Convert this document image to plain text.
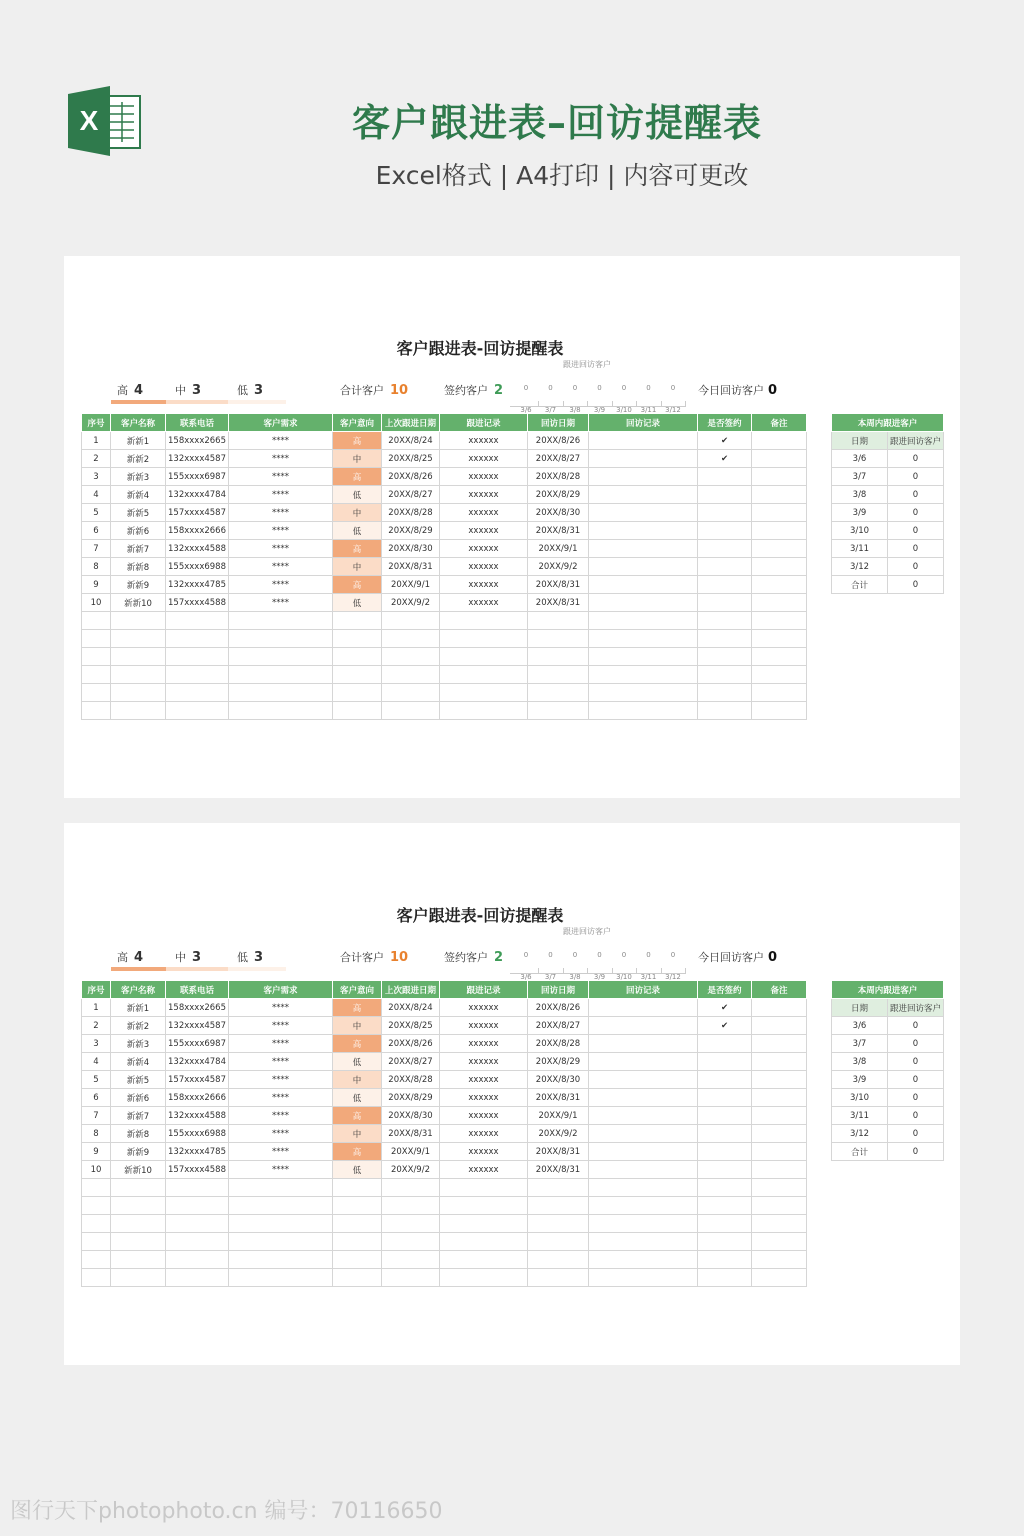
X	客户跟进表–回访提醒表
Excel格式 | A4打印 | 内容可更改
客户跟进表-回访提醒表
高 4	中 3	低 3	合计客户 10	签约客户 2	今日回访客户 0
跟进回访客户
0
3/6
0
3/7
0
3/8
0
3/9
0
3/10
0
3/11
0
3/12
序号	客户名称	联系电话	客户需求	客户意向	上次跟进日期	跟进记录	回访日期	回访记录	是否签约	备注
1	新新1	158xxxx2665	****	高	20XX/8/24	xxxxxx	20XX/8/26		✔	
2	新新2	132xxxx4587	****	中	20XX/8/25	xxxxxx	20XX/8/27		✔	
3	新新3	155xxxx6987	****	高	20XX/8/26	xxxxxx	20XX/8/28			
4	新新4	132xxxx4784	****	低	20XX/8/27	xxxxxx	20XX/8/29			
5	新新5	157xxxx4587	****	中	20XX/8/28	xxxxxx	20XX/8/30			
6	新新6	158xxxx2666	****	低	20XX/8/29	xxxxxx	20XX/8/31			
7	新新7	132xxxx4588	****	高	20XX/8/30	xxxxxx	20XX/9/1			
8	新新8	155xxxx6988	****	中	20XX/8/31	xxxxxx	20XX/9/2			
9	新新9	132xxxx4785	****	高	20XX/9/1	xxxxxx	20XX/8/31			
10	新新10	157xxxx4588	****	低	20XX/9/2	xxxxxx	20XX/8/31			

本周内跟进客户	
日期	跟进回访客户
3/6	0
3/7	0
3/8	0
3/9	0
3/10	0
3/11	0
3/12	0
合计	0
客户跟进表-回访提醒表
高 4	中 3	低 3	合计客户 10	签约客户 2	今日回访客户 0
跟进回访客户
0
3/6
0
3/7
0
3/8
0
3/9
0
3/10
0
3/11
0
3/12
序号	客户名称	联系电话	客户需求	客户意向	上次跟进日期	跟进记录	回访日期	回访记录	是否签约	备注
1	新新1	158xxxx2665	****	高	20XX/8/24	xxxxxx	20XX/8/26		✔	
2	新新2	132xxxx4587	****	中	20XX/8/25	xxxxxx	20XX/8/27		✔	
3	新新3	155xxxx6987	****	高	20XX/8/26	xxxxxx	20XX/8/28			
4	新新4	132xxxx4784	****	低	20XX/8/27	xxxxxx	20XX/8/29			
5	新新5	157xxxx4587	****	中	20XX/8/28	xxxxxx	20XX/8/30			
6	新新6	158xxxx2666	****	低	20XX/8/29	xxxxxx	20XX/8/31			
7	新新7	132xxxx4588	****	高	20XX/8/30	xxxxxx	20XX/9/1			
8	新新8	155xxxx6988	****	中	20XX/8/31	xxxxxx	20XX/9/2			
9	新新9	132xxxx4785	****	高	20XX/9/1	xxxxxx	20XX/8/31			
10	新新10	157xxxx4588	****	低	20XX/9/2	xxxxxx	20XX/8/31			

本周内跟进客户	
日期	跟进回访客户
3/6	0
3/7	0
3/8	0
3/9	0
3/10	0
3/11	0
3/12	0
合计	0
图行天下photophoto.cn 编号：70116650
